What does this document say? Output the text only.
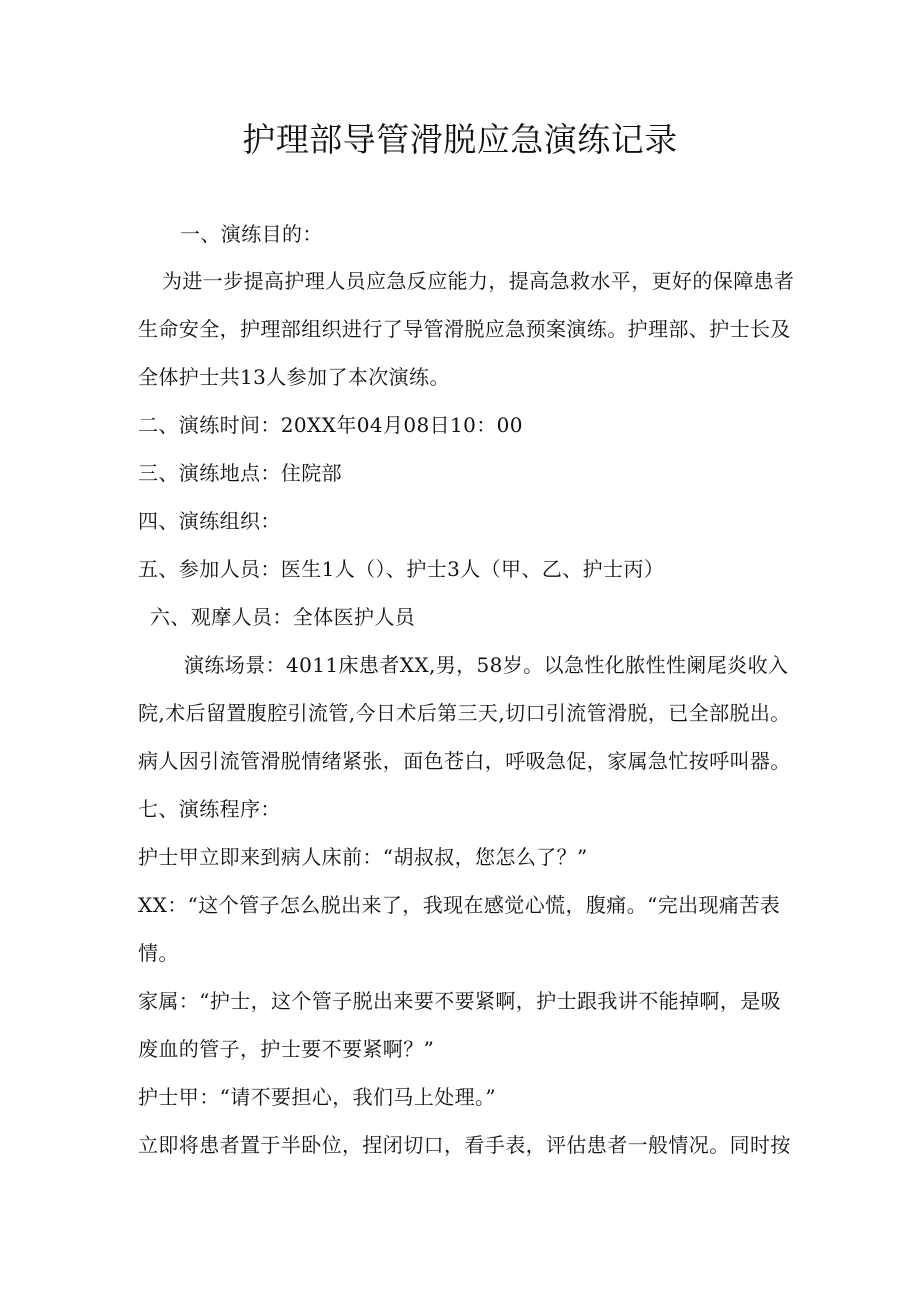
护理部导管滑脱应急演练记录
一、演练目的：
为进一步提高护理人员应急反应能力，提高急救水平，更好的保障患者
生命安全，护理部组织进行了导管滑脱应急预案演练。护理部、护士长及
全体护士共13人参加了本次演练。
二、演练时间：20XX年04月08日10：00
三、演练地点：住院部
四、演练组织：
五、参加人员：医生1人（）、护士3人（甲、乙、护士丙）
六、观摩人员：全体医护人员
演练场景：4011床患者XX,男，58岁。以急性化脓性性阑尾炎收入
院,术后留置腹腔引流管,今日术后第三天,切口引流管滑脱，已全部脱出。
病人因引流管滑脱情绪紧张，面色苍白，呼吸急促，家属急忙按呼叫器。
七、演练程序：
护士甲立即来到病人床前：“胡叔叔，您怎么了？”
XX：“这个管子怎么脱出来了，我现在感觉心慌，腹痛。“完出现痛苦表
情。
家属：“护士，这个管子脱出来要不要紧啊，护士跟我讲不能掉啊，是吸
废血的管子，护士要不要紧啊？”
护士甲：“请不要担心，我们马上处理。”
立即将患者置于半卧位，捏闭切口，看手表，评估患者一般情况。同时按
